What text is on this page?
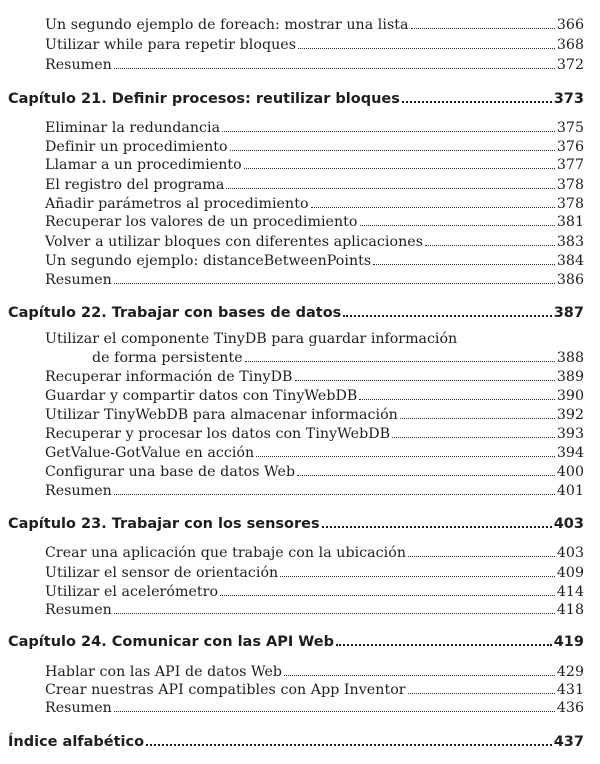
Un segundo ejemplo de foreach: mostrar una lista	366
Utilizar while para repetir bloques	368
Resumen	372
Capítulo 21. Definir procesos: reutilizar bloques	373
Eliminar la redundancia	375
Definir un procedimiento	376
Llamar a un procedimiento	377
El registro del programa	378
Añadir parámetros al procedimiento	378
Recuperar los valores de un procedimiento	381
Volver a utilizar bloques con diferentes aplicaciones	383
Un segundo ejemplo: distanceBetweenPoints	384
Resumen	386
Capítulo 22. Trabajar con bases de datos	387
Utilizar el componente TinyDB para guardar información
de forma persistente	388
Recuperar información de TinyDB	389
Guardar y compartir datos con TinyWebDB	390
Utilizar TinyWebDB para almacenar información	392
Recuperar y procesar los datos con TinyWebDB	393
GetValue-GotValue en acción	394
Configurar una base de datos Web	400
Resumen	401
Capítulo 23. Trabajar con los sensores	403
Crear una aplicación que trabaje con la ubicación	403
Utilizar el sensor de orientación	409
Utilizar el acelerómetro	414
Resumen	418
Capítulo 24. Comunicar con las API Web	419
Hablar con las API de datos Web	429
Crear nuestras API compatibles con App Inventor	431
Resumen	436
Índice alfabético	437
